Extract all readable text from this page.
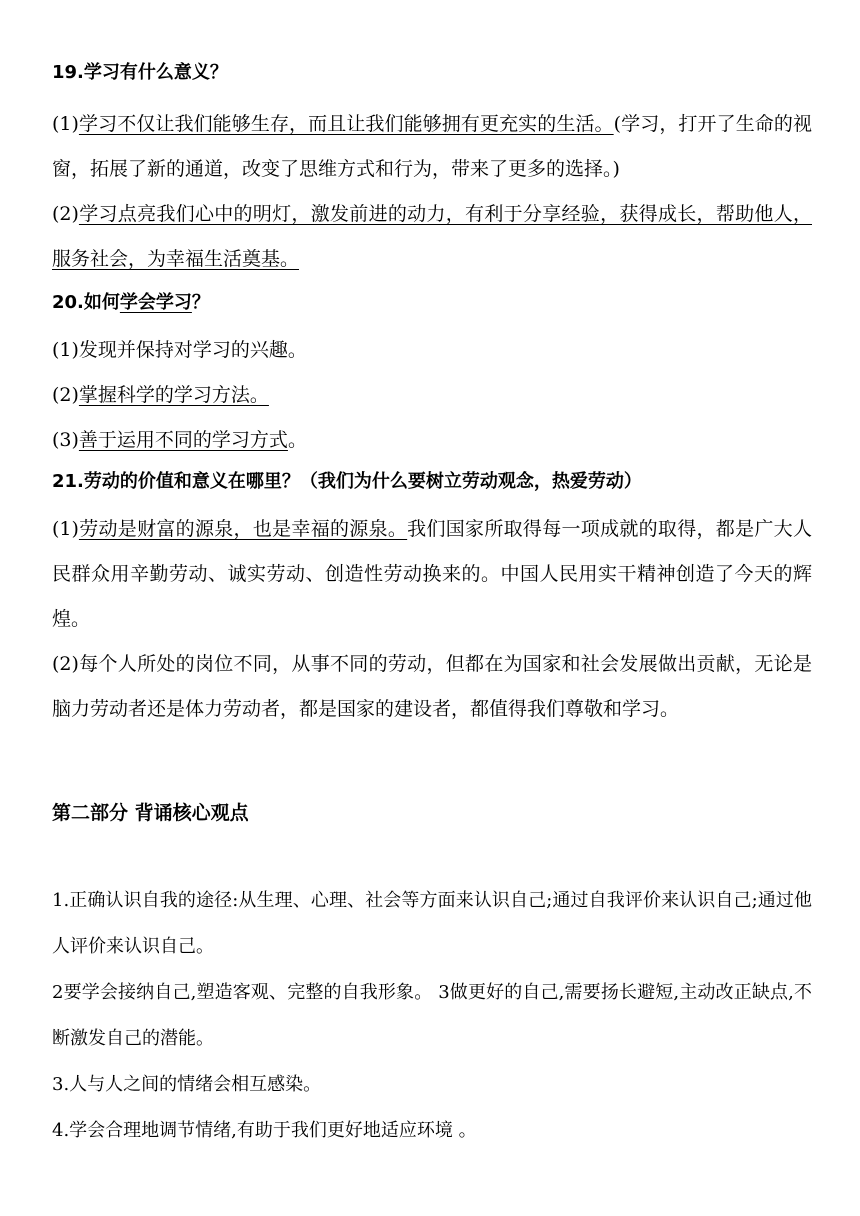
19.学习有什么意义？

(1)学习不仅让我们能够生存，而且让我们能够拥有更充实的生活。(学习，打开了生命的视窗，拓展了新的通道，改变了思维方式和行为，带来了更多的选择。)

(2)学习点亮我们心中的明灯，激发前进的动力，有利于分享经验，获得成长，帮助他人，服务社会，为幸福生活奠基。

20.如何学会学习？

(1)发现并保持对学习的兴趣。

(2)掌握科学的学习方法。

(3)善于运用不同的学习方式。

21.劳动的价值和意义在哪里？（我们为什么要树立劳动观念，热爱劳动）

(1)劳动是财富的源泉，也是幸福的源泉。我们国家所取得每一项成就的取得，都是广大人民群众用辛勤劳动、诚实劳动、创造性劳动换来的。中国人民用实干精神创造了今天的辉煌。

(2)每个人所处的岗位不同，从事不同的劳动，但都在为国家和社会发展做出贡献，无论是脑力劳动者还是体力劳动者，都是国家的建设者，都值得我们尊敬和学习。

第二部分 背诵核心观点

1.正确认识自我的途径:从生理、心理、社会等方面来认识自己;通过自我评价来认识自己;通过他人评价来认识自己。

2要学会接纳自己,塑造客观、完整的自我形象。 3做更好的自己,需要扬长避短,主动改正缺点,不断激发自己的潜能。

3.人与人之间的情绪会相互感染。

4.学会合理地调节情绪,有助于我们更好地适应环境 。
